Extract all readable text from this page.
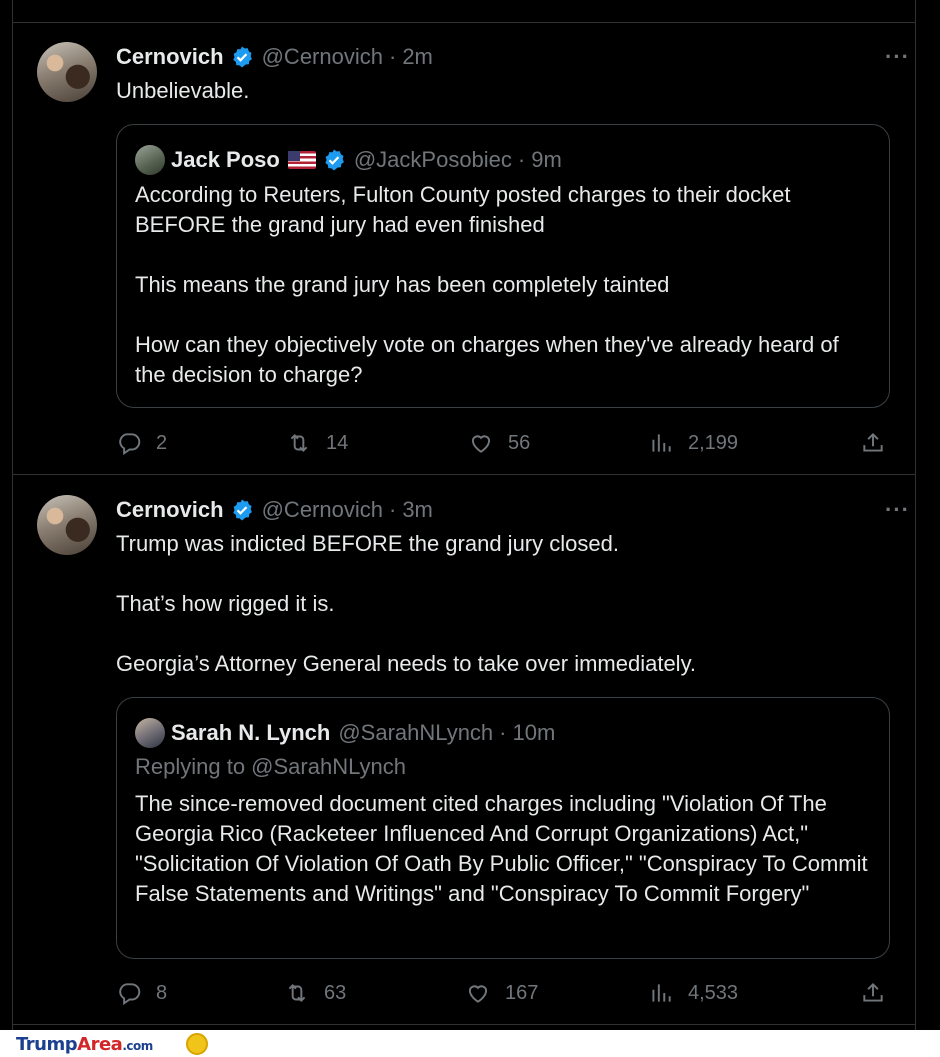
Cernovich @Cernovich · 2m	···

Unbelievable.

Jack Poso	@JackPosobiec · 9m

According to Reuters, Fulton County posted charges to their docket BEFORE the grand jury had even finished

This means the grand jury has been completely tainted

How can they objectively vote on charges when they've already heard of the decision to charge?

2	14	56	2,199
Cernovich @Cernovich · 3m	···

Trump was indicted BEFORE the grand jury closed.

That’s how rigged it is.

Georgia’s Attorney General needs to take over immediately.

Sarah N. Lynch @SarahNLynch · 10m
Replying to @SarahNLynch

The since-removed document cited charges including "Violation Of The Georgia Rico (Racketeer Influenced And Corrupt Organizations) Act," "Solicitation Of Violation Of Oath By Public Officer," "Conspiracy To Commit False Statements and Writings" and "Conspiracy To Commit Forgery"

8	63	167	4,533
TrumpArea.com
